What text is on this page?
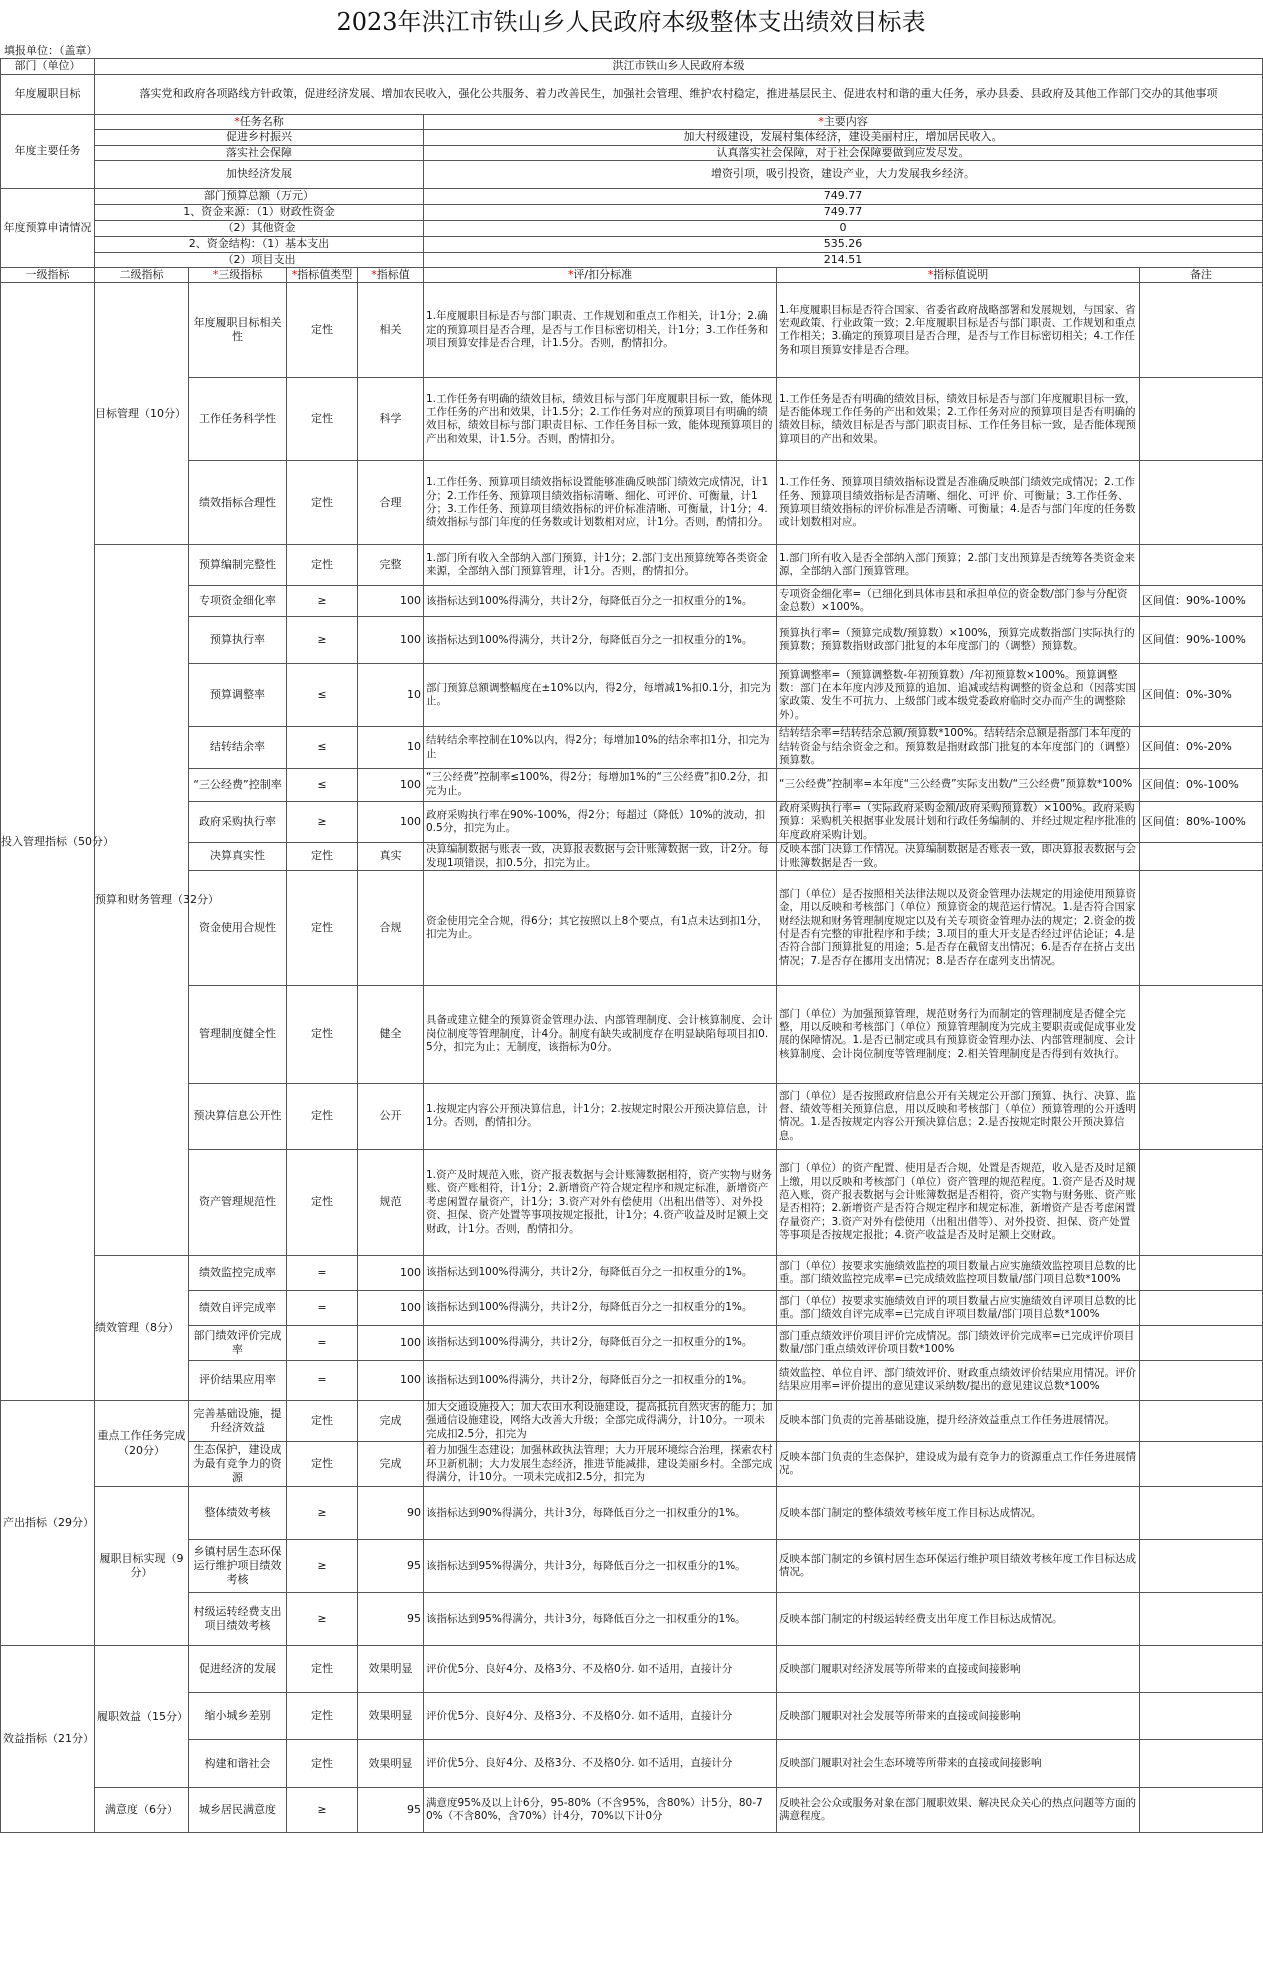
2023年洪江市铁山乡人民政府本级整体支出绩效目标表
填报单位：（盖章）
部门（单位）	洪江市铁山乡人民政府本级						
年度履职目标	落实党和政府各项路线方针政策，促进经济发展、增加农民收入，强化公共服务、着力改善民生，加强社会管理、维护农村稳定，推进基层民主、促进农村和谐的重大任务，承办县委、县政府及其他工作部门交办的其他事项						
年度主要任务	*任务名称				*主要内容		
	促进乡村振兴				加大村级建设，发展村集体经济，建设美丽村庄，增加居民收入。		
	落实社会保障				认真落实社会保障，对于社会保障要做到应发尽发。		
	加快经济发展				增资引项，吸引投资，建设产业，大力发展我乡经济。		
年度预算申请情况	部门预算总额（万元）				749.77		
	1、资金来源：（1）财政性资金				749.77		
	（2）其他资金				0		
	2、资金结构：（1）基本支出				535.26		
	（2）项目支出				214.51		
一级指标	二级指标	*三级指标	*指标值类型	*指标值	*评/扣分标准	*指标值说明	备注
投入管理指标（50分）	目标管理（10分）	年度履职目标相关性	定性	相关	1.年度履职目标是否与部门职责、工作规划和重点工作相关，计1分；2.确定的预算项目是否合理，是否与工作目标密切相关，计1分；3.工作任务和项目预算安排是否合理，计1.5分。否则，酌情扣分。	1.年度履职目标是否符合国家、省委省政府战略部署和发展规划，与国家、省宏观政策、行业政策一致；2.年度履职目标是否与部门职责、工作规划和重点工作相关；3.确定的预算项目是否合理，是否与工作目标密切相关；4.工作任务和项目预算安排是否合理。	
		工作任务科学性	定性	科学	1.工作任务有明确的绩效目标，绩效目标与部门年度履职目标一致，能体现工作任务的产出和效果，计1.5分；2.工作任务对应的预算项目有明确的绩效目标，绩效目标与部门职责目标、工作任务目标一致，能体现预算项目的产出和效果，计1.5分。否则，酌情扣分。	1.工作任务是否有明确的绩效目标，绩效目标是否与部门年度履职目标一致，是否能体现工作任务的产出和效果；2.工作任务对应的预算项目是否有明确的绩效目标，绩效目标是否与部门职责目标、工作任务目标一致，是否能体现预算项目的产出和效果。	
		绩效指标合理性	定性	合理	1.工作任务、预算项目绩效指标设置能够准确反映部门绩效完成情况，计1分；2.工作任务、预算项目绩效指标清晰、细化、可评价、可衡量，计1分；3.工作任务、预算项目绩效指标的评价标准清晰、可衡量，计1分；4.绩效指标与部门年度的任务数或计划数相对应，计1分。否则，酌情扣分。	1.工作任务、预算项目绩效指标设置是否准确反映部门绩效完成情况；2.工作任务、预算项目绩效指标是否清晰、细化、可评 价、可衡量；3.工作任务、预算项目绩效指标的评价标准是否清晰、可衡量；4.是否与部门年度的任务数或计划数相对应。	
	预算和财务管理（32分）	预算编制完整性	定性	完整	1.部门所有收入全部纳入部门预算，计1分；2.部门支出预算统筹各类资金来源，全部纳入部门预算管理，计1分。否则，酌情扣分。	1.部门所有收入是否全部纳入部门预算；2.部门支出预算是否统筹各类资金来源，全部纳入部门预算管理。	
		专项资金细化率	≥	100	该指标达到100%得满分，共计2分，每降低百分之一扣权重分的1%。	专项资金细化率=（已细化到具体市县和承担单位的资金数/部门参与分配资金总数）×100%。	区间值：90%-100%
		预算执行率	≥	100	该指标达到100%得满分，共计2分，每降低百分之一扣权重分的1%。	预算执行率=（预算完成数/预算数）×100%，预算完成数指部门实际执行的预算数；预算数指财政部门批复的本年度部门的（调整）预算数。	区间值：90%-100%
		预算调整率	≤	10	部门预算总额调整幅度在±10%以内，得2分，每增减1%扣0.1分，扣完为止。	预算调整率=（预算调整数-年初预算数）/年初预算数×100%。预算调整数：部门在本年度内涉及预算的追加、追减或结构调整的资金总和（因落实国家政策、发生不可抗力、上级部门或本级党委政府临时交办而产生的调整除外）。	区间值：0%-30%
		结转结余率	≤	10	结转结余率控制在10%以内，得2分；每增加10%的结余率扣1分，扣完为止	结转结余率=结转结余总额/预算数*100%。结转结余总额是指部门本年度的结转资金与结余资金之和。预算数是指财政部门批复的本年度部门的（调整）预算数。	区间值：0%-20%
		“三公经费”控制率	≤	100	“三公经费”控制率≤100%，得2分；每增加1%的“三公经费”扣0.2分，扣完为止。	“三公经费”控制率=本年度“三公经费”实际支出数/“三公经费”预算数*100%	区间值：0%-100%
		政府采购执行率	≥	100	政府采购执行率在90%-100%，得2分；每超过（降低）10%的波动，扣0.5分，扣完为止。	政府采购执行率=（实际政府采购金额/政府采购预算数）×100%。政府采购预算：采购机关根据事业发展计划和行政任务编制的、并经过规定程序批准的年度政府采购计划。	区间值：80%-100%
		决算真实性	定性	真实	决算编制数据与账表一致，决算报表数据与会计账簿数据一致，计2分。每发现1项错误，扣0.5分，扣完为止。	反映本部门决算工作情况。决算编制数据是否账表一致，即决算报表数据与会计账簿数据是否一致。	
		资金使用合规性	定性	合规	资金使用完全合规，得6分；其它按照以上8个要点，有1点未达到扣1分，扣完为止。	部门（单位）是否按照相关法律法规以及资金管理办法规定的用途使用预算资金，用以反映和考核部门（单位）预算资金的规范运行情况。1.是否符合国家财经法规和财务管理制度规定以及有关专项资金管理办法的规定；2.资金的拨付是否有完整的审批程序和手续；3.项目的重大开支是否经过评估论证；4.是否符合部门预算批复的用途；5.是否存在截留支出情况；6.是否存在挤占支出情况；7.是否存在挪用支出情况；8.是否存在虚列支出情况。	
		管理制度健全性	定性	健全	具备或建立健全的预算资金管理办法、内部管理制度、会计核算制度、会计岗位制度等管理制度，计4分。制度有缺失或制度存在明显缺陷每项目扣0.5分，扣完为止；无制度，该指标为0分。	部门（单位）为加强预算管理，规范财务行为而制定的管理制度是否健全完整，用以反映和考核部门（单位）预算管理制度为完成主要职责或促成事业发展的保障情况。1.是否已制定或具有预算资金管理办法、内部管理制度、会计核算制度、会计岗位制度等管理制度；2.相关管理制度是否得到有效执行。	
		预决算信息公开性	定性	公开	1.按规定内容公开预决算信息，计1分；2.按规定时限公开预决算信息，计1分。否则，酌情扣分。	部门（单位）是否按照政府信息公开有关规定公开部门预算、执行、决算、监督、绩效等相关预算信息，用以反映和考核部门（单位）预算管理的公开透明情况。1.是否按规定内容公开预决算信息；2.是否按规定时限公开预决算信息。	
		资产管理规范性	定性	规范	1.资产及时规范入账，资产报表数据与会计账簿数据相符，资产实物与财务账、资产账相符，计1分；2.新增资产符合规定程序和规定标准，新增资产考虑闲置存量资产，计1分；3.资产对外有偿使用（出租出借等）、对外投资、担保、资产处置等事项按规定报批，计1分；4.资产收益及时足额上交财政，计1分。否则，酌情扣分。	部门（单位）的资产配置、使用是否合规，处置是否规范，收入是否及时足额上缴，用以反映和考核部门（单位）资产管理的规范程度。1.资产是否及时规范入账，资产报表数据与会计账簿数据是否相符，资产实物与财务账、资产账是否相符；2.新增资产是否符合规定程序和规定标准，新增资产是否考虑闲置存量资产；3.资产对外有偿使用（出租出借等）、对外投资、担保、资产处置等事项是否按规定报批；4.资产收益是否及时足额上交财政。	
	绩效管理（8分）	绩效监控完成率	=	100	该指标达到100%得满分，共计2分，每降低百分之一扣权重分的1%。	部门（单位）按要求实施绩效监控的项目数量占应实施绩效监控项目总数的比重。部门绩效监控完成率=已完成绩效监控项目数量/部门项目总数*100%	
		绩效自评完成率	=	100	该指标达到100%得满分，共计2分，每降低百分之一扣权重分的1%。	部门（单位）按要求实施绩效自评的项目数量占应实施绩效自评项目总数的比重。部门绩效自评完成率=已完成自评项目数量/部门项目总数*100%	
		部门绩效评价完成率	=	100	该指标达到100%得满分，共计2分，每降低百分之一扣权重分的1%。	部门重点绩效评价项目评价完成情况。部门绩效评价完成率=已完成评价项目数量/部门重点绩效评价项目数*100%	
		评价结果应用率	=	100	该指标达到100%得满分，共计2分，每降低百分之一扣权重分的1%。	绩效监控、单位自评、部门绩效评价、财政重点绩效评价结果应用情况。评价结果应用率=评价提出的意见建议采纳数/提出的意见建议总数*100%	
产出指标（29分）	重点工作任务完成（20分）	完善基础设施，提升经济效益	定性	完成	加大交通设施投入；加大农田水利设施建设，提高抵抗自然灾害的能力；加强通信设施建设，网络大改善大升级；全部完成得满分，计10分。一项未完成扣2.5分，扣完为	反映本部门负责的完善基础设施，提升经济效益重点工作任务进展情况。	
		生态保护，建设成为最有竞争力的资源	定性	完成	着力加强生态建设；加强林政执法管理；大力开展环境综合治理，探索农村环卫新机制；大力发展生态经济，推进节能减排，建设美丽乡村。全部完成得满分，计10分。一项未完成扣2.5分，扣完为	反映本部门负责的生态保护，建设成为最有竞争力的资源重点工作任务进展情况。	
	履职目标实现（9分）	整体绩效考核	≥	90	该指标达到90%得满分，共计3分，每降低百分之一扣权重分的1%。	反映本部门制定的整体绩效考核年度工作目标达成情况。	
		乡镇村居生态环保运行维护项目绩效考核	≥	95	该指标达到95%得满分，共计3分，每降低百分之一扣权重分的1%。	反映本部门制定的乡镇村居生态环保运行维护项目绩效考核年度工作目标达成情况。	
		村级运转经费支出项目绩效考核	≥	95	该指标达到95%得满分，共计3分，每降低百分之一扣权重分的1%。	反映本部门制定的村级运转经费支出年度工作目标达成情况。	
效益指标（21分）	履职效益（15分）	促进经济的发展	定性	效果明显	评价优5分、良好4分、及格3分、不及格0分. 如不适用，直接计分	反映部门履职对经济发展等所带来的直接或间接影响	
		缩小城乡差别	定性	效果明显	评价优5分、良好4分、及格3分、不及格0分. 如不适用，直接计分	反映部门履职对社会发展等所带来的直接或间接影响	
		构建和谐社会	定性	效果明显	评价优5分、良好4分、及格3分、不及格0分. 如不适用，直接计分	反映部门履职对社会生态环境等所带来的直接或间接影响	
	满意度（6分）	城乡居民满意度	≥	95	满意度95%及以上计6分，95-80%（不含95%，含80%）计5分，80-70%（不含80%，含70%）计4分，70%以下计0分	反映社会公众或服务对象在部门履职效果、解决民众关心的热点问题等方面的满意程度。	
